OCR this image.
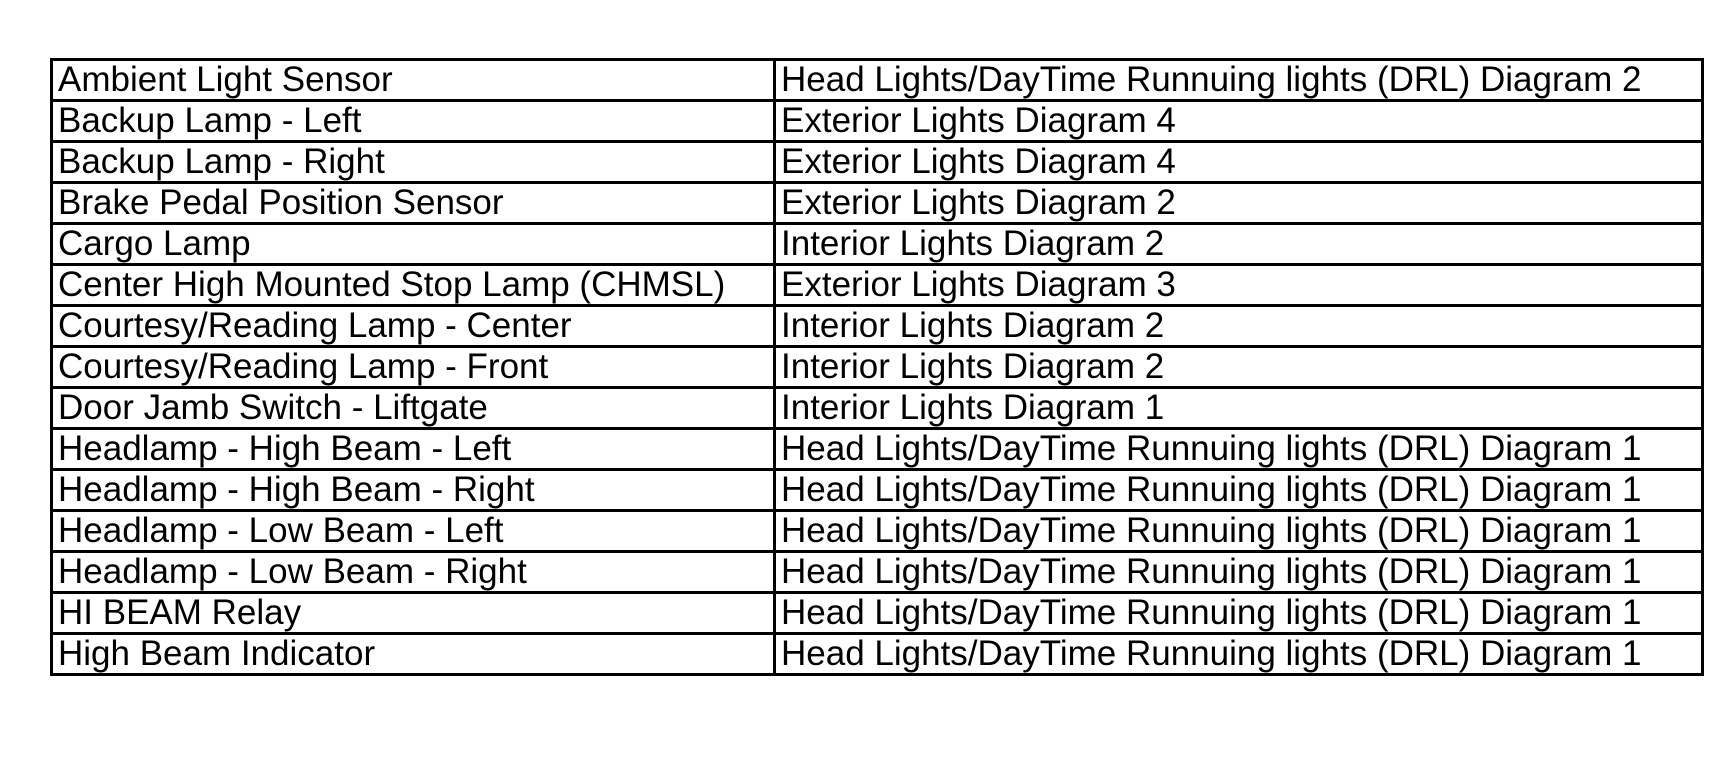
Ambient Light Sensor	Head Lights/DayTime Runnuing lights (DRL) Diagram 2
Backup Lamp - Left	Exterior Lights Diagram 4
Backup Lamp - Right	Exterior Lights Diagram 4
Brake Pedal Position Sensor	Exterior Lights Diagram 2
Cargo Lamp	Interior Lights Diagram 2
Center High Mounted Stop Lamp (CHMSL)	Exterior Lights Diagram 3
Courtesy/Reading Lamp - Center	Interior Lights Diagram 2
Courtesy/Reading Lamp - Front	Interior Lights Diagram 2
Door Jamb Switch - Liftgate	Interior Lights Diagram 1
Headlamp - High Beam - Left	Head Lights/DayTime Runnuing lights (DRL) Diagram 1
Headlamp - High Beam - Right	Head Lights/DayTime Runnuing lights (DRL) Diagram 1
Headlamp - Low Beam - Left	Head Lights/DayTime Runnuing lights (DRL) Diagram 1
Headlamp - Low Beam - Right	Head Lights/DayTime Runnuing lights (DRL) Diagram 1
HI BEAM Relay	Head Lights/DayTime Runnuing lights (DRL) Diagram 1
High Beam Indicator	Head Lights/DayTime Runnuing lights (DRL) Diagram 1
